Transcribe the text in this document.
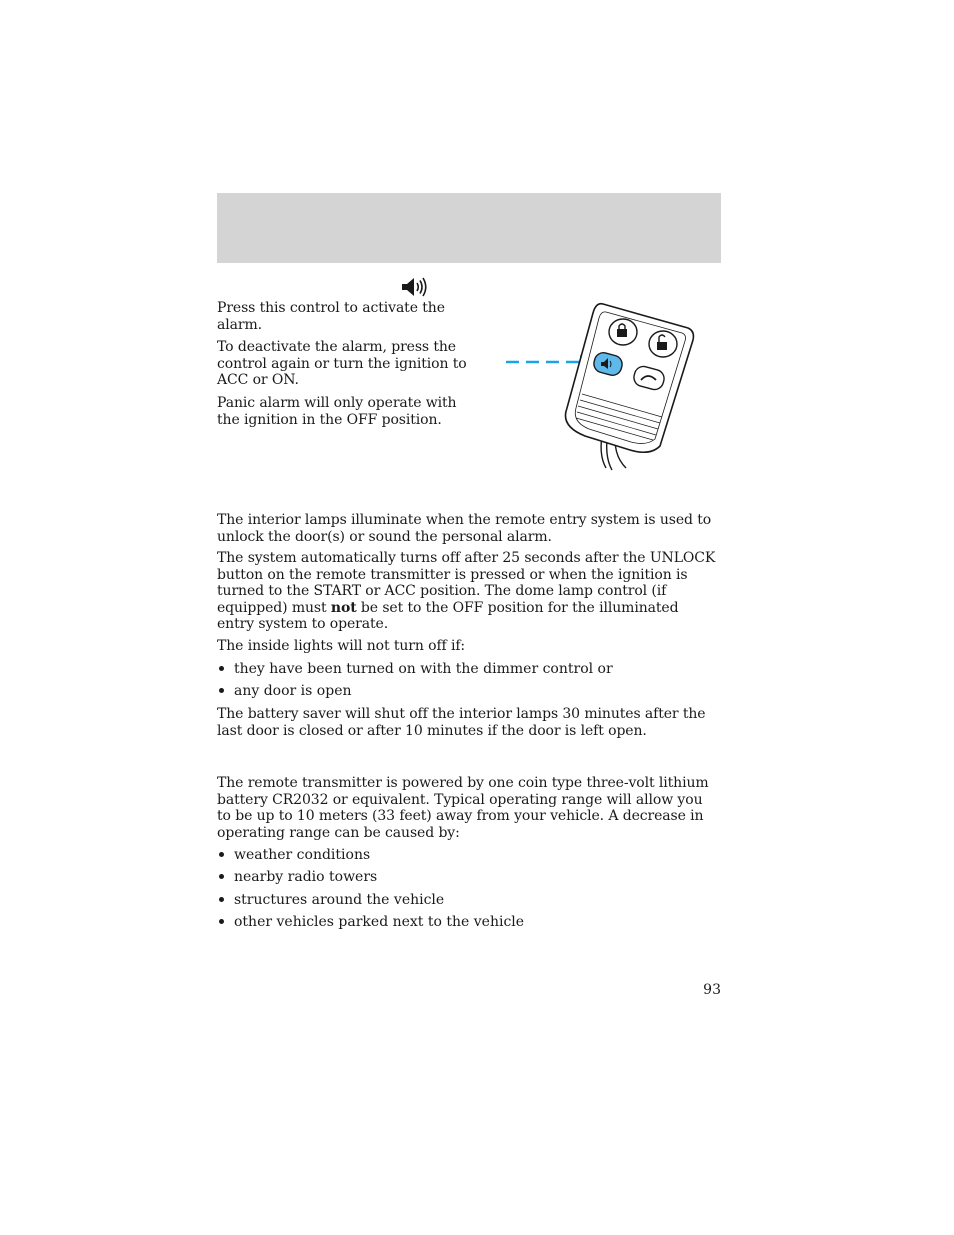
Press this control to activate the alarm.

To deactivate the alarm, press the control again or turn the ignition to ACC or ON.

Panic alarm will only operate with the ignition in the OFF position.

The interior lamps illuminate when the remote entry system is used to unlock the door(s) or sound the personal alarm.

The system automatically turns off after 25 seconds after the UNLOCK button on the remote transmitter is pressed or when the ignition is turned to the START or ACC position. The dome lamp control (if equipped) must not be set to the OFF position for the illuminated entry system to operate.

The inside lights will not turn off if:

they have been turned on with the dimmer control or

any door is open

The battery saver will shut off the interior lamps 30 minutes after the last door is closed or after 10 minutes if the door is left open.

The remote transmitter is powered by one coin type three-volt lithium battery CR2032 or equivalent. Typical operating range will allow you to be up to 10 meters (33 feet) away from your vehicle. A decrease in operating range can be caused by:

weather conditions

nearby radio towers

structures around the vehicle

other vehicles parked next to the vehicle

93
